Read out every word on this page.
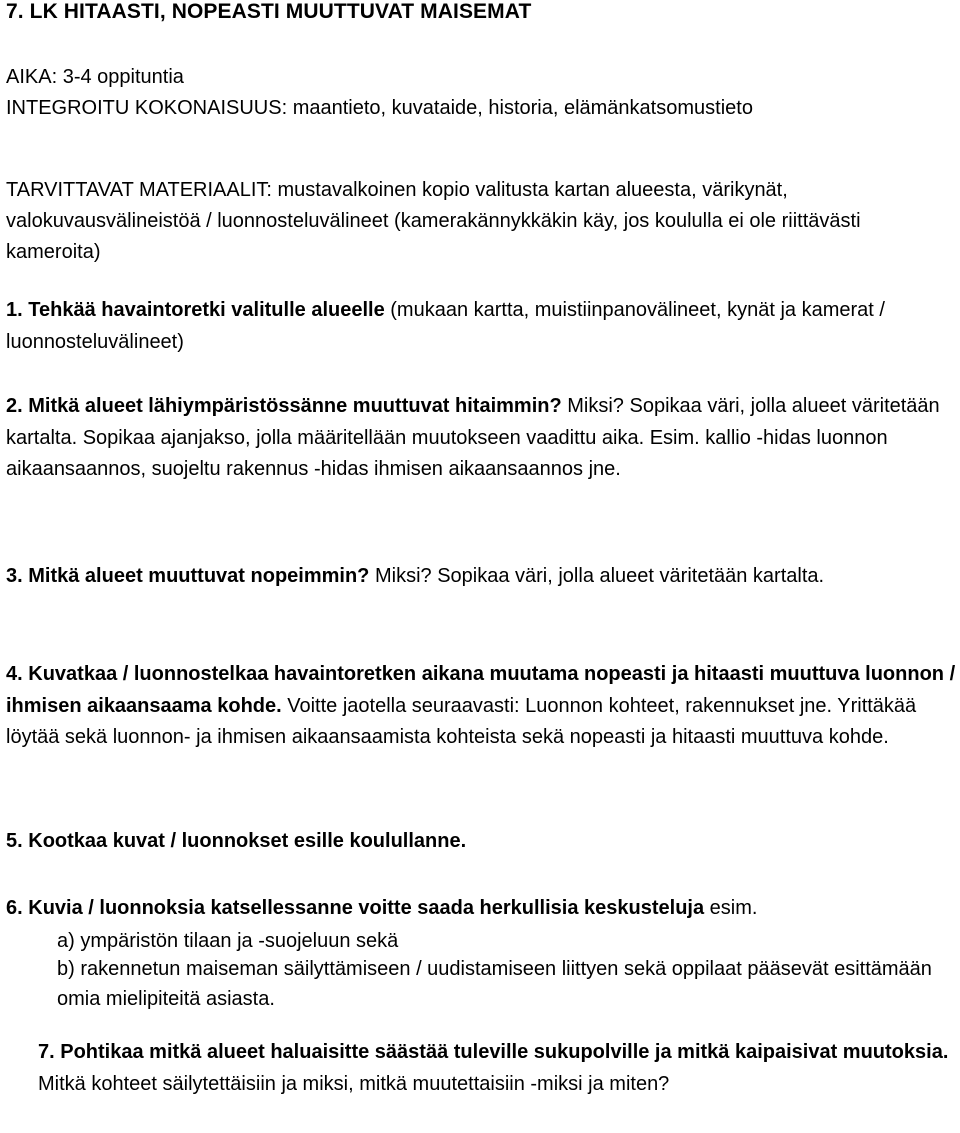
7. LK HITAASTI, NOPEASTI MUUTTUVAT MAISEMAT
AIKA: 3-4 oppituntia
INTEGROITU KOKONAISUUS: maantieto, kuvataide, historia, elämänkatsomustieto
TARVITTAVAT MATERIAALIT: mustavalkoinen kopio valitusta kartan alueesta, värikynät, valokuvausvälineistöä / luonnosteluvälineet (kamerakännykkäkin käy, jos koululla ei ole riittävästi kameroita)
1. Tehkää havaintoretki valitulle alueelle (mukaan kartta, muistiinpanovälineet, kynät ja kamerat / luonnosteluvälineet)
2. Mitkä alueet lähiympäristössänne muuttuvat hitaimmin? Miksi? Sopikaa väri, jolla alueet väritetään kartalta. Sopikaa ajanjakso, jolla määritellään muutokseen vaadittu aika. Esim. kallio -hidas luonnon aikaansaannos, suojeltu rakennus -hidas ihmisen aikaansaannos jne.
3. Mitkä alueet muuttuvat nopeimmin? Miksi? Sopikaa väri, jolla alueet väritetään kartalta.
4. Kuvatkaa / luonnostelkaa havaintoretken aikana muutama nopeasti ja hitaasti muuttuva luonnon / ihmisen aikaansaama kohde. Voitte jaotella seuraavasti: Luonnon kohteet, rakennukset jne. Yrittäkää löytää sekä luonnon- ja ihmisen aikaansaamista kohteista sekä nopeasti ja hitaasti muuttuva kohde.
5. Kootkaa kuvat / luonnokset esille koulullanne.
6. Kuvia / luonnoksia katsellessanne voitte saada herkullisia keskusteluja esim.
a) ympäristön tilaan ja -suojeluun sekä
b) rakennetun maiseman säilyttämiseen / uudistamiseen liittyen sekä oppilaat pääsevät esittämään omia mielipiteitä asiasta.
7. Pohtikaa mitkä alueet haluaisitte säästää tuleville sukupolville ja mitkä kaipaisivat muutoksia. Mitkä kohteet säilytettäisiin ja miksi, mitkä muutettaisiin -miksi ja miten?
